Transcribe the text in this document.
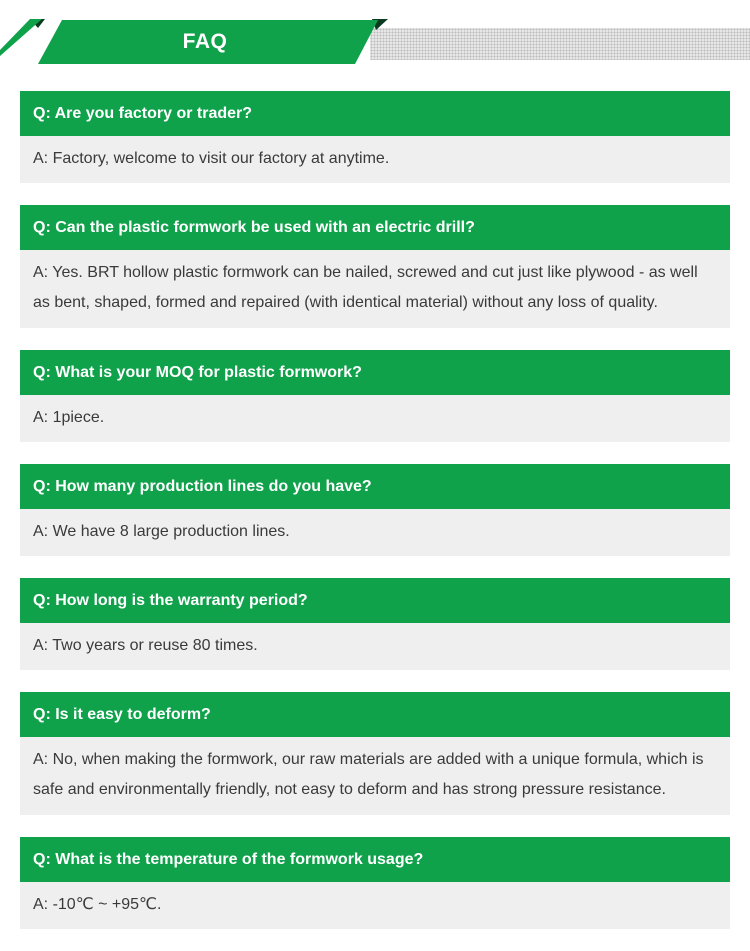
FAQ
Q: Are you factory or trader?
A: Factory, welcome to visit our factory at anytime.
Q: Can the plastic formwork be used with an electric drill?
A: Yes. BRT hollow plastic formwork can be nailed, screwed and cut just like plywood - as well as bent, shaped, formed and repaired (with identical material) without any loss of quality.
Q: What is your MOQ for plastic formwork?
A: 1piece.
Q: How many production lines do you have?
A: We have 8 large production lines.
Q: How long is the warranty period?
A: Two years or reuse 80 times.
Q: Is it easy to deform?
A: No, when making the formwork, our raw materials are added with a unique formula, which is safe and environmentally friendly, not easy to deform and has strong pressure resistance.
Q: What is the temperature of the formwork usage?
A: -10℃ ~ +95℃.
